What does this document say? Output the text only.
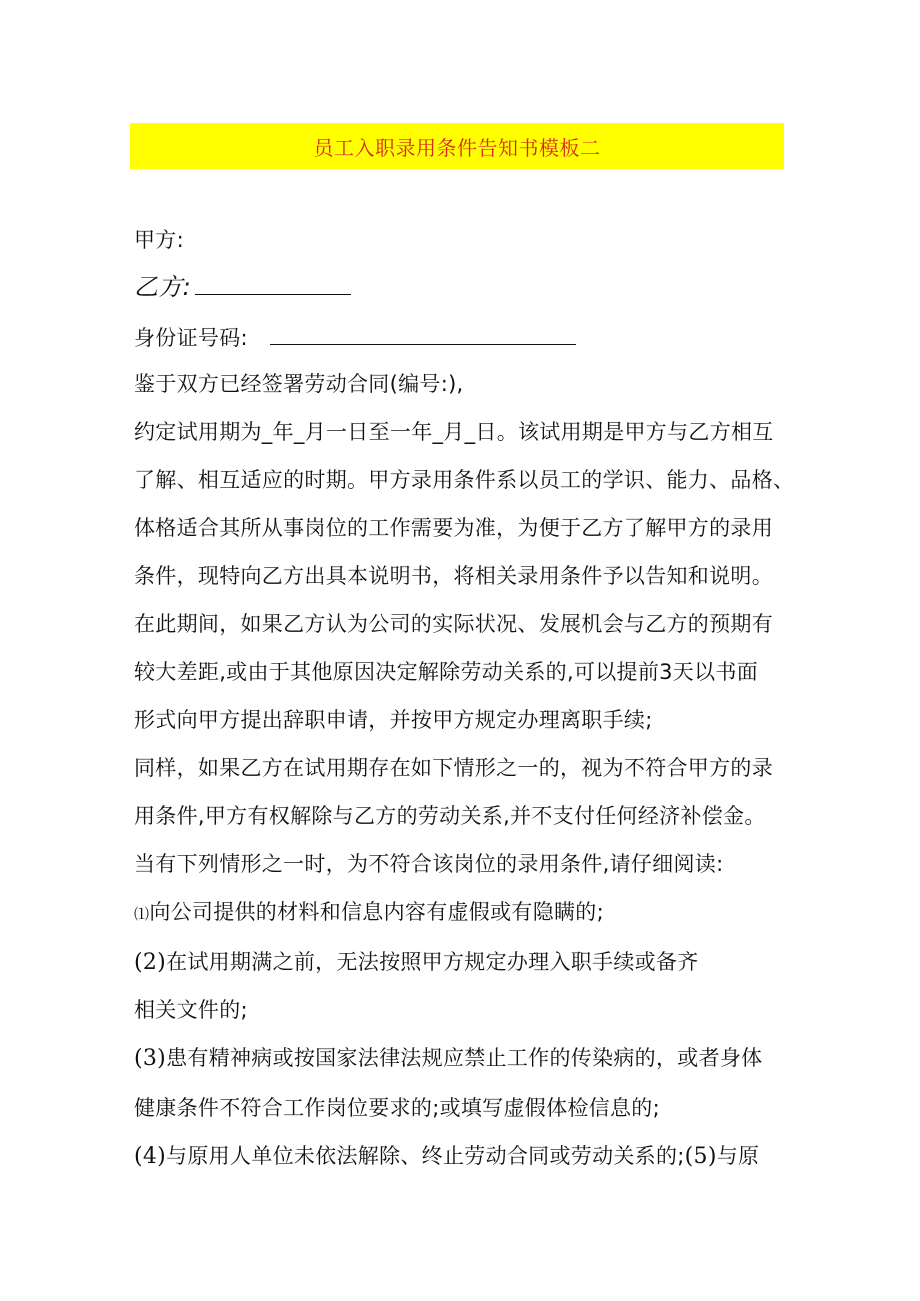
员工入职录用条件告知书模板二
甲方:
乙方:
身份证号码:
鉴于双方已经签署劳动合同(编号:),
约定试用期为_年_月一日至一年_月_日。该试用期是甲方与乙方相互
了解、相互适应的时期。甲方录用条件系以员工的学识、能力、品格、
体格适合其所从事岗位的工作需要为准，为便于乙方了解甲方的录用
条件，现特向乙方出具本说明书，将相关录用条件予以告知和说明。
在此期间，如果乙方认为公司的实际状况、发展机会与乙方的预期有
较大差距,或由于其他原因决定解除劳动关系的,可以提前3天以书面
形式向甲方提出辞职申请，并按甲方规定办理离职手续;
同样，如果乙方在试用期存在如下情形之一的，视为不符合甲方的录
用条件,甲方有权解除与乙方的劳动关系,并不支付任何经济补偿金。
当有下列情形之一时，为不符合该岗位的录用条件,请仔细阅读:
⑴向公司提供的材料和信息内容有虚假或有隐瞒的;
(2)在试用期满之前，无法按照甲方规定办理入职手续或备齐
相关文件的;
(3)患有精神病或按国家法律法规应禁止工作的传染病的，或者身体
健康条件不符合工作岗位要求的;或填写虚假体检信息的;
(4)与原用人单位未依法解除、终止劳动合同或劳动关系的;(5)与原
